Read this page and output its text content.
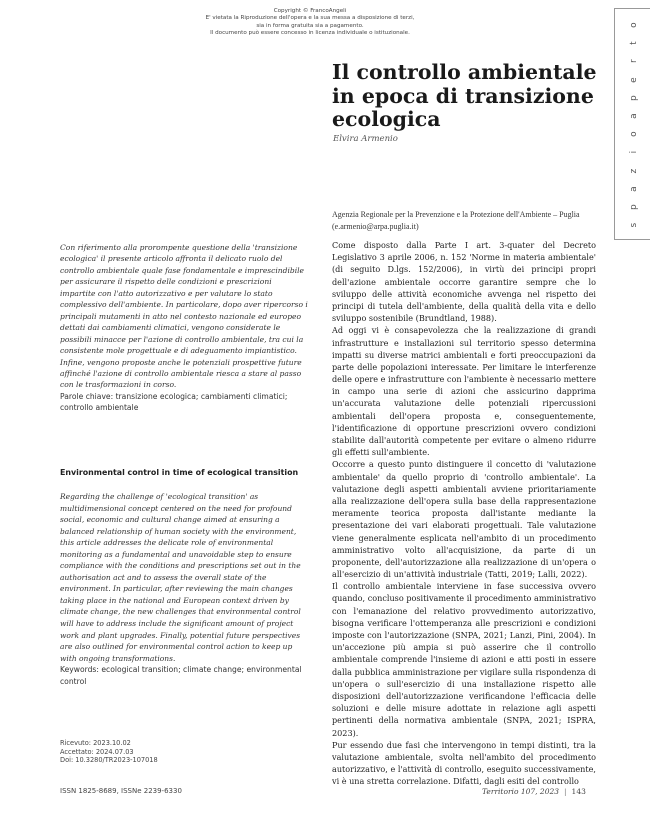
Copyright © FrancoAngeli
E' vietata la Riproduzione dell'opera e la sua messa a disposizione di terzi,
sia in forma gratuita sia a pagamento.
Il documento può essere concesso in licenza individuale o istituzionale.
o
t
r
e
p
a
o
i
z
a
p
s
Il controllo ambientale in epoca di transizione ecologica
Elvira Armenio
Agenzia Regionale per la Prevenzione e la Protezione dell'Ambiente – Puglia (e.armenio@arpa.puglia.it)
Con riferimento alla prorompente questione della 'transizione ecologica' il presente articolo affronta il delicato ruolo del controllo ambientale quale fase fondamentale e imprescindibile per assicurare il rispetto delle condizioni e prescrizioni impartite con l'atto autorizzativo e per valutare lo stato complessivo dell'ambiente. In particolare, dopo aver ripercorso i principali mutamenti in atto nel contesto nazionale ed europeo dettati dai cambiamenti climatici, vengono considerate le possibili minacce per l'azione di controllo ambientale, tra cui la consistente mole progettuale e di adeguamento impiantistico. Infine, vengono proposte anche le potenziali prospettive future affinché l'azione di controllo ambientale riesca a stare al passo con le trasformazioni in corso.
Parole chiave: transizione ecologica; cambiamenti climatici; controllo ambientale
Environmental control in time of ecological transition
Regarding the challenge of 'ecological transition' as multidimensional concept centered on the need for profound social, economic and cultural change aimed at ensuring a balanced relationship of human society with the environment, this article addresses the delicate role of environmental monitoring as a fundamental and unavoidable step to ensure compliance with the conditions and prescriptions set out in the authorisation act and to assess the overall state of the environment. In particular, after reviewing the main changes taking place in the national and European context driven by climate change, the new challenges that environmental control will have to address include the significant amount of project work and plant upgrades. Finally, potential future perspectives are also outlined for environmental control action to keep up with ongoing transformations.
Keywords: ecological transition; climate change; environmental control
Ricevuto: 2023.10.02
Accettato: 2024.07.03
Doi: 10.3280/TR2023-107018

Come disposto dalla Parte I art. 3-quater del Decreto Legislativo 3 aprile 2006, n. 152 'Norme in materia ambientale' (di seguito D.lgs. 152/2006), in virtù dei principi propri dell'azione ambientale occorre garantire sempre che lo sviluppo delle attività economiche avvenga nel rispetto dei principi di tutela dell'ambiente, della qualità della vita e dello sviluppo sostenibile (Brundtland, 1988).

Ad oggi vi è consapevolezza che la realizzazione di grandi infrastrutture e installazioni sul territorio spesso determina impatti su diverse matrici ambientali e forti preoccupazioni da parte delle popolazioni interessate. Per limitare le interferenze delle opere e infrastrutture con l'ambiente è necessario mettere in campo una serie di azioni che assicurino dapprima un'accurata valutazione delle potenziali ripercussioni ambientali dell'opera proposta e, conseguentemente, l'identificazione di opportune prescrizioni ovvero condizioni stabilite dall'autorità competente per evitare o almeno ridurre gli effetti sull'ambiente.

Occorre a questo punto distinguere il concetto di 'valutazione ambientale' da quello proprio di 'controllo ambientale'. La valutazione degli aspetti ambientali avviene prioritariamente alla realizzazione dell'opera sulla base della rappresentazione meramente teorica proposta dall'istante mediante la presentazione dei vari elaborati progettuali. Tale valutazione viene generalmente esplicata nell'ambito di un procedimento amministrativo volto all'acquisizione, da parte di un proponente, dell'autorizzazione alla realizzazione di un'opera o all'esercizio di un'attività industriale (Tatti, 2019; Lalli, 2022).

Il controllo ambientale interviene in fase successiva ovvero quando, concluso positivamente il procedimento amministrativo con l'emanazione del relativo provvedimento autorizzativo, bisogna verificare l'ottemperanza alle prescrizioni e condizioni imposte con l'autorizzazione (SNPA, 2021; Lanzi, Pini, 2004). In un'accezione più ampia si può asserire che il controllo ambientale comprende l'insieme di azioni e atti posti in essere dalla pubblica amministrazione per vigilare sulla rispondenza di un'opera o sull'esercizio di una installazione rispetto alle disposizioni dell'autorizzazione verificandone l'efficacia delle soluzioni e delle misure adottate in relazione agli aspetti pertinenti della normativa ambientale (SNPA, 2021; ISPRA, 2023).

Pur essendo due fasi che intervengono in tempi distinti, tra la valutazione ambientale, svolta nell'ambito del procedimento autorizzativo, e l'attività di controllo, eseguito successivamente, vi è una stretta correlazione. Difatti, dagli esiti del controllo

ISSN 1825-8689, ISSNe 2239-6330	Territorio 107, 2023 | 143
